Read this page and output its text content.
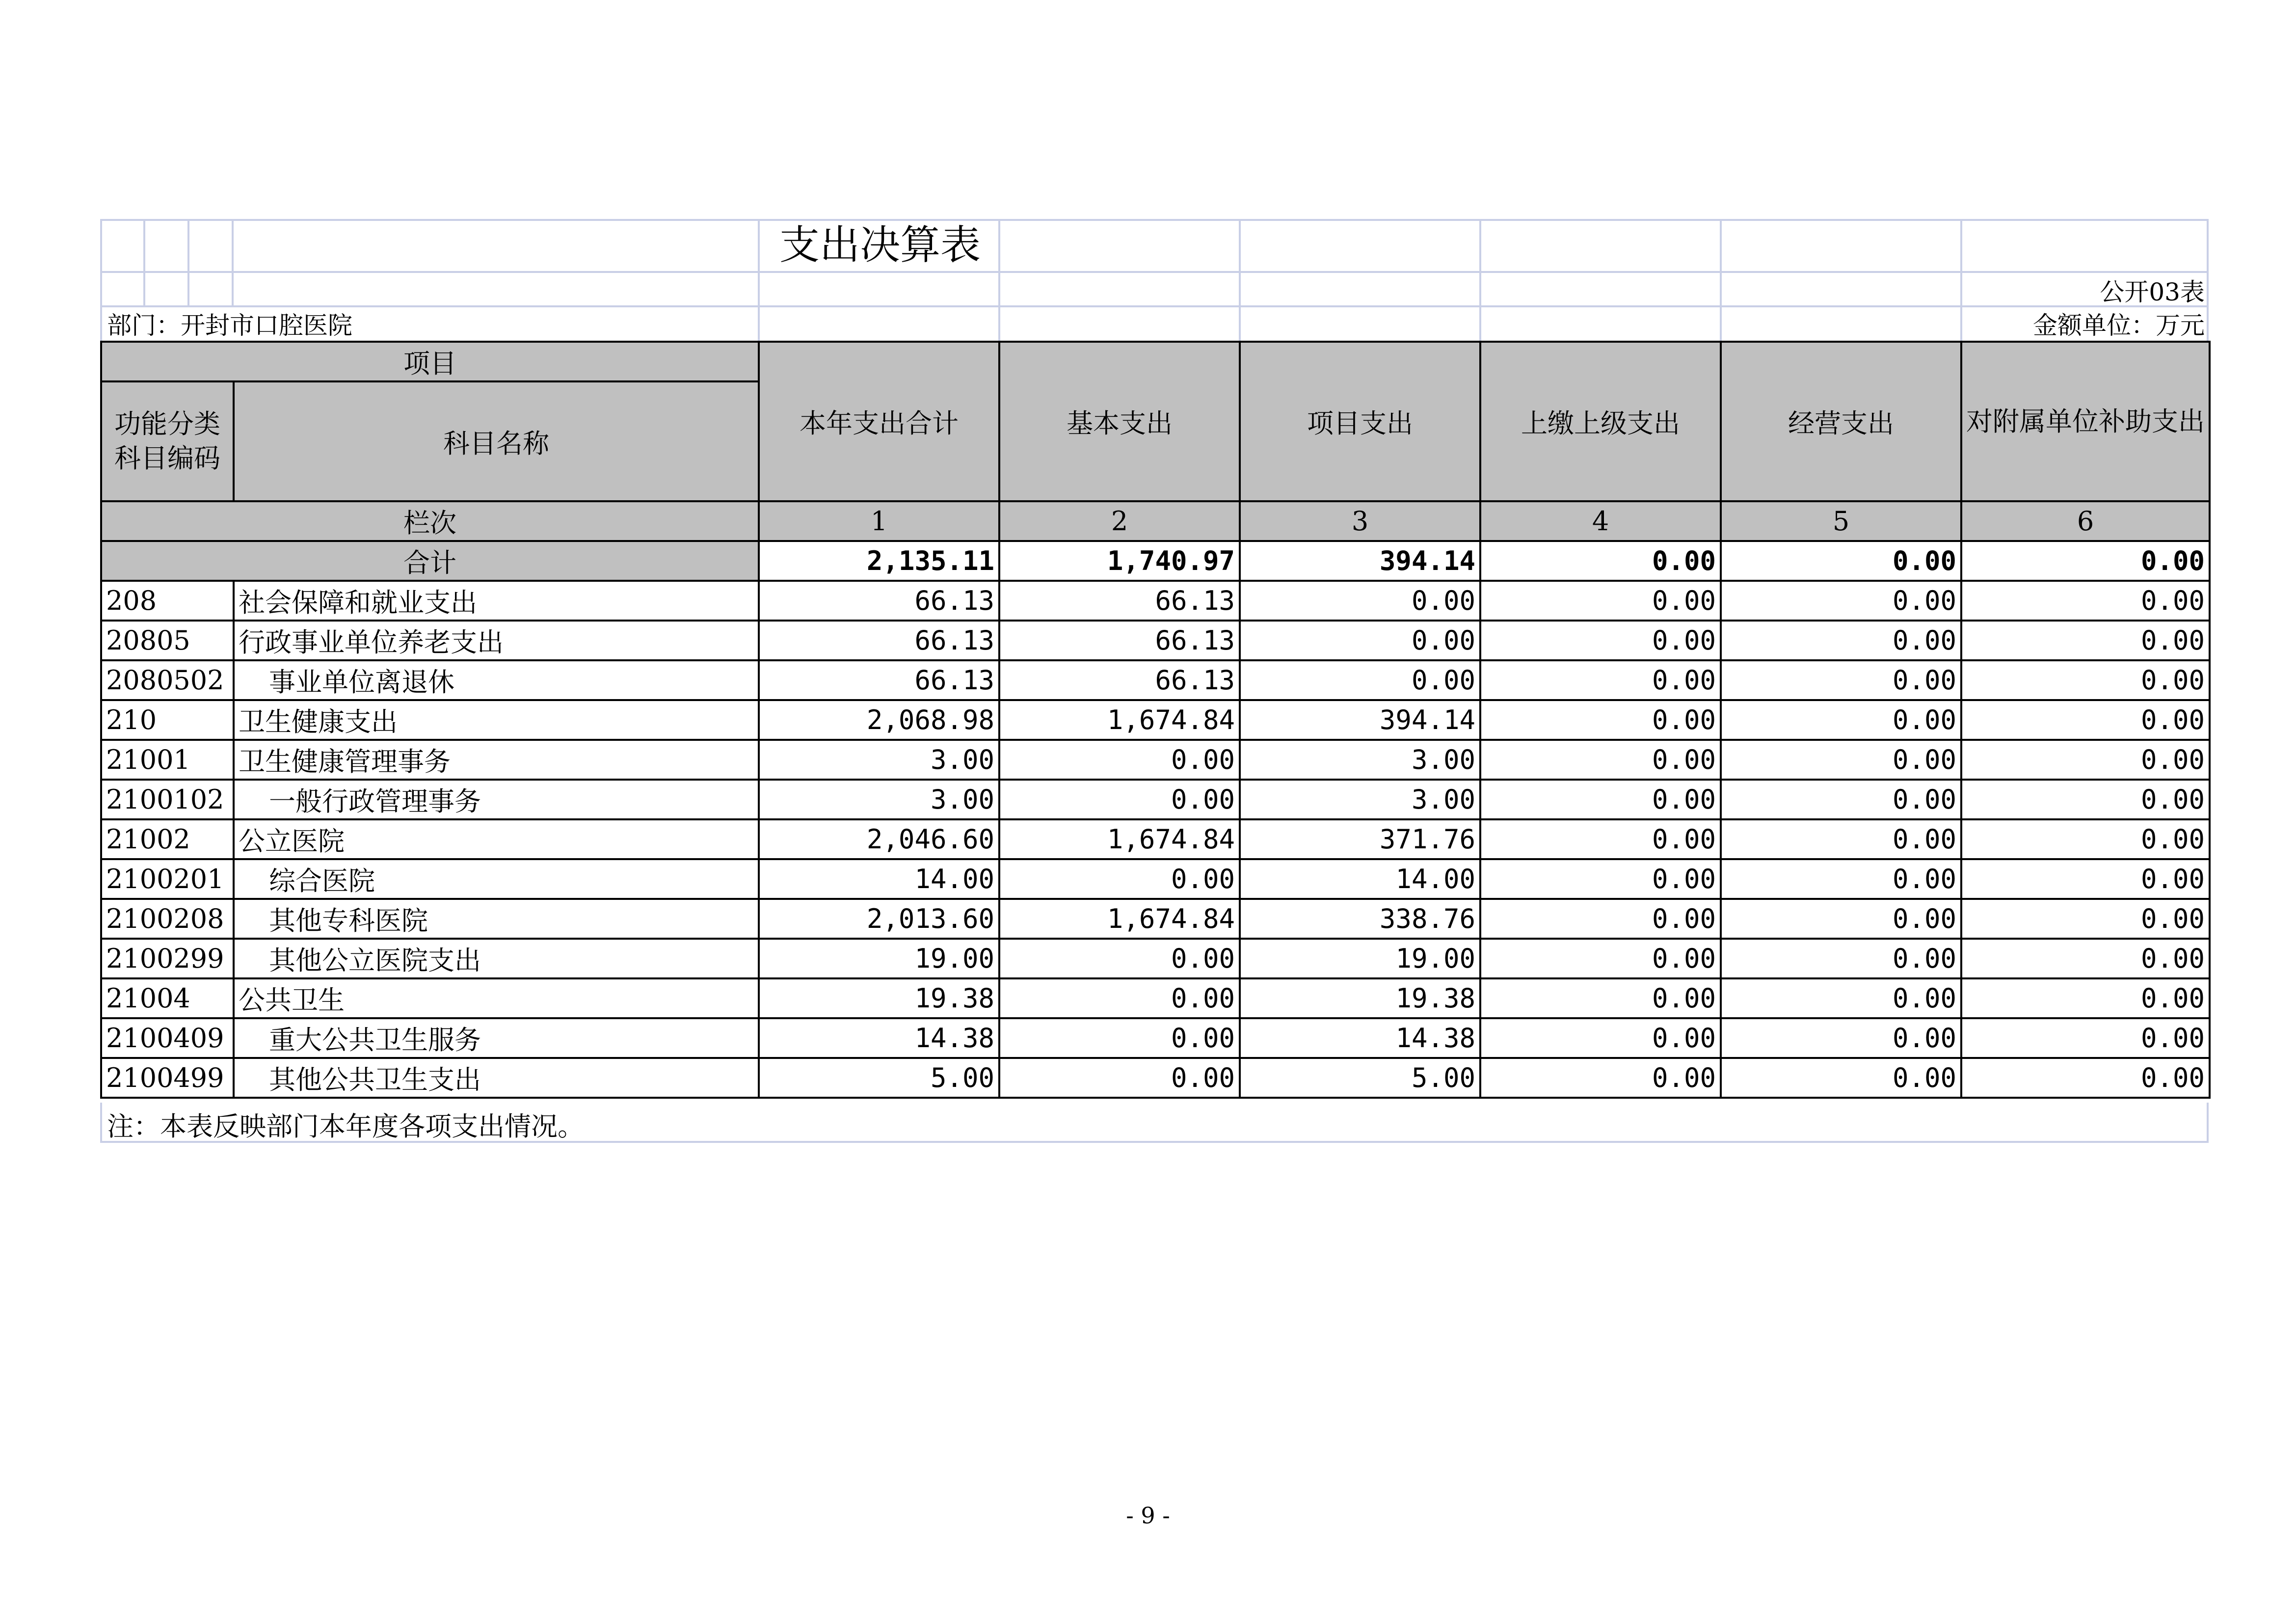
支出决算表
公开03表
部门：开封市口腔医院	金额单位：万元
项目		本年支出合计	基本支出	项目支出	上缴上级支出	经营支出	对附属单位补助支出
功能分类科目编码	科目名称						
栏次		1	2	3	4	5	6
合计		2,135.11	1,740.97	394.14	0.00	0.00	0.00
208	社会保障和就业支出	66.13	66.13	0.00	0.00	0.00	0.00
20805	行政事业单位养老支出	66.13	66.13	0.00	0.00	0.00	0.00
2080502	事业单位离退休	66.13	66.13	0.00	0.00	0.00	0.00
210	卫生健康支出	2,068.98	1,674.84	394.14	0.00	0.00	0.00
21001	卫生健康管理事务	3.00	0.00	3.00	0.00	0.00	0.00
2100102	一般行政管理事务	3.00	0.00	3.00	0.00	0.00	0.00
21002	公立医院	2,046.60	1,674.84	371.76	0.00	0.00	0.00
2100201	综合医院	14.00	0.00	14.00	0.00	0.00	0.00
2100208	其他专科医院	2,013.60	1,674.84	338.76	0.00	0.00	0.00
2100299	其他公立医院支出	19.00	0.00	19.00	0.00	0.00	0.00
21004	公共卫生	19.38	0.00	19.38	0.00	0.00	0.00
2100409	重大公共卫生服务	14.38	0.00	14.38	0.00	0.00	0.00
2100499	其他公共卫生支出	5.00	0.00	5.00	0.00	0.00	0.00
注：本表反映部门本年度各项支出情况。
- 9 -
